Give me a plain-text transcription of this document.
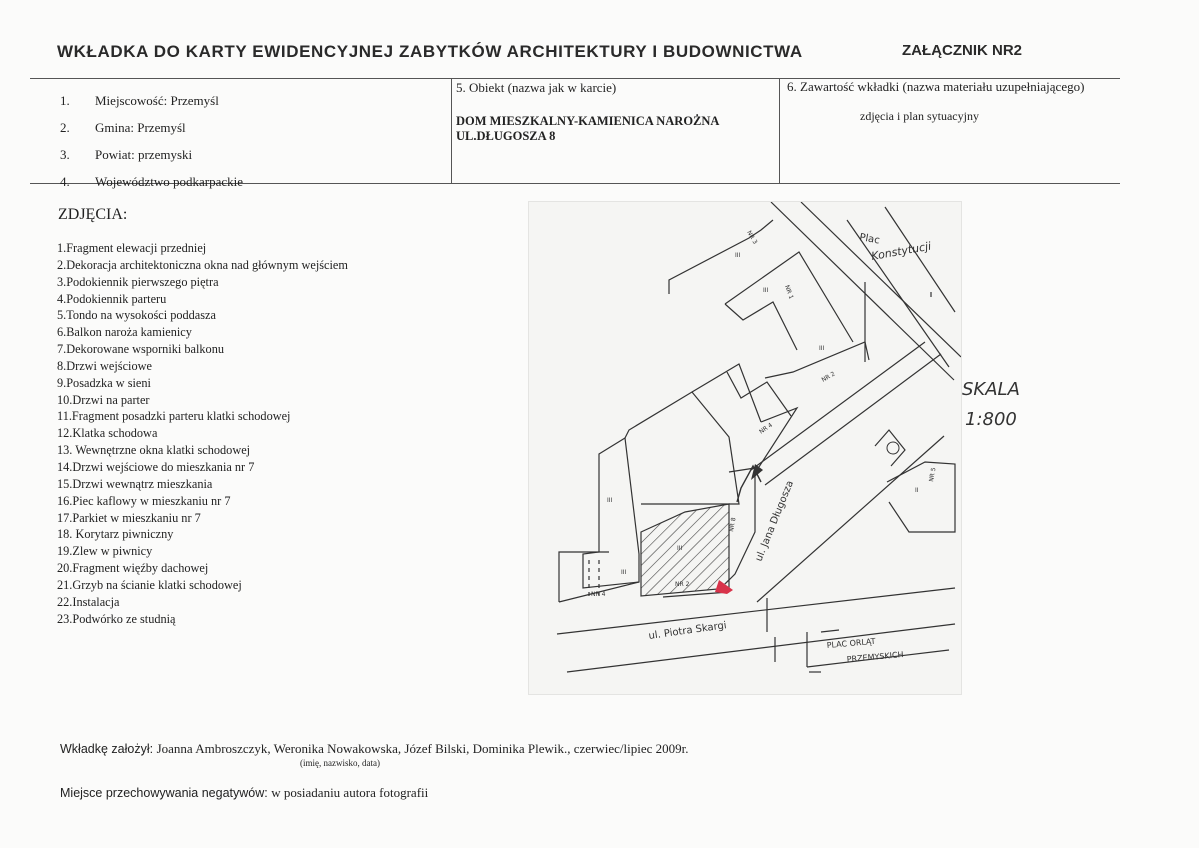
WKŁADKA DO KARTY EWIDENCYJNEJ ZABYTKÓW ARCHITEKTURY I BUDOWNICTWA	ZAŁĄCZNIK NR2
1.	Miejscowość: Przemyśl
2.	Gmina: Przemyśl
3.	Powiat: przemyski
4.	Województwo podkarpackie
5. Obiekt (nazwa jak w karcie)
DOM MIESZKALNY-KAMIENICA NAROŻNA
UL.DŁUGOSZA 8
6. Zawartość wkładki (nazwa materiału uzupełniającego)
zdjęcia i plan sytuacyjny
ZDJĘCIA:
1.Fragment elewacji przedniej
2.Dekoracja architektoniczna okna nad głównym wejściem
3.Podokiennik pierwszego piętra
4.Podokiennik parteru
5.Tondo na wysokości poddasza
6.Balkon naroża kamienicy
7.Dekorowane wsporniki balkonu
8.Drzwi wejściowe
9.Posadzka w sieni
10.Drzwi na parter
11.Fragment posadzki parteru klatki schodowej
12.Klatka schodowa
13. Wewnętrzne okna klatki schodowej
14.Drzwi wejściowe do mieszkania nr 7
15.Drzwi wewnątrz mieszkania
16.Piec kaflowy w mieszkaniu nr 7
17.Parkiet w mieszkaniu nr 7
18. Korytarz piwniczny
19.Zlew w piwnicy
20.Fragment więźby dachowej
21.Grzyb na ścianie klatki schodowej
22.Instalacja
23.Podwórko ze studnią
Plac
Konstytucji
ul. Jana Długosza
ul. Piotra Skargi
PLAC ORLĄT
PRZEMYSKICH
NR 1
NR 2
NR 2
NR 4
NR 4
NR 8
NR 3
NR 5
III
III
III
III
III
III
II
SKALA
1:800
Wkładkę założył: Joanna Ambroszczyk, Weronika Nowakowska, Józef Bilski, Dominika Plewik., czerwiec/lipiec 2009r.
(imię, nazwisko, data)
Miejsce przechowywania negatywów: w posiadaniu autora fotografii
